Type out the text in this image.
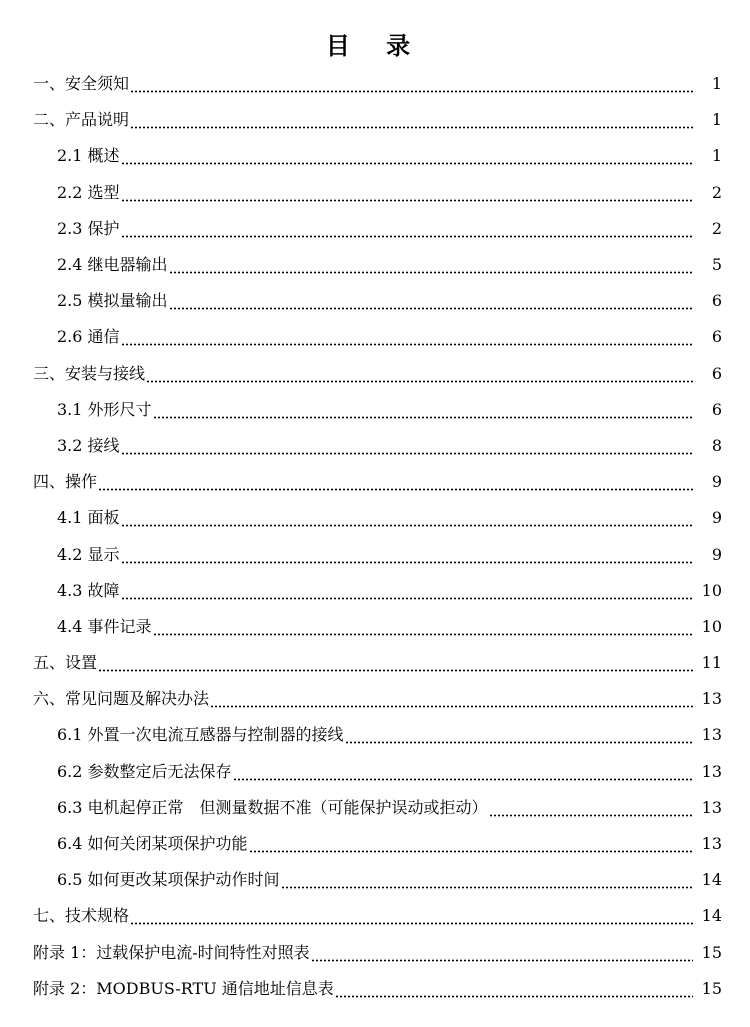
目 录
一、安全须知	1
二、产品说明	1
2.1 概述	1
2.2 选型	2
2.3 保护	2
2.4 继电器输出	5
2.5 模拟量输出	6
2.6 通信	6
三、安装与接线	6
3.1 外形尺寸	6
3.2 接线	8
四、操作	9
4.1 面板	9
4.2 显示	9
4.3 故障	10
4.4 事件记录	10
五、设置	11
六、常见问题及解决办法	13
6.1 外置一次电流互感器与控制器的接线	13
6.2 参数整定后无法保存	13
6.3 电机起停正常　但测量数据不准（可能保护误动或拒动）	13
6.4 如何关闭某项保护功能	13
6.5 如何更改某项保护动作时间	14
七、技术规格	14
附录 1：过载保护电流-时间特性对照表	15
附录 2：MODBUS-RTU 通信地址信息表	15
